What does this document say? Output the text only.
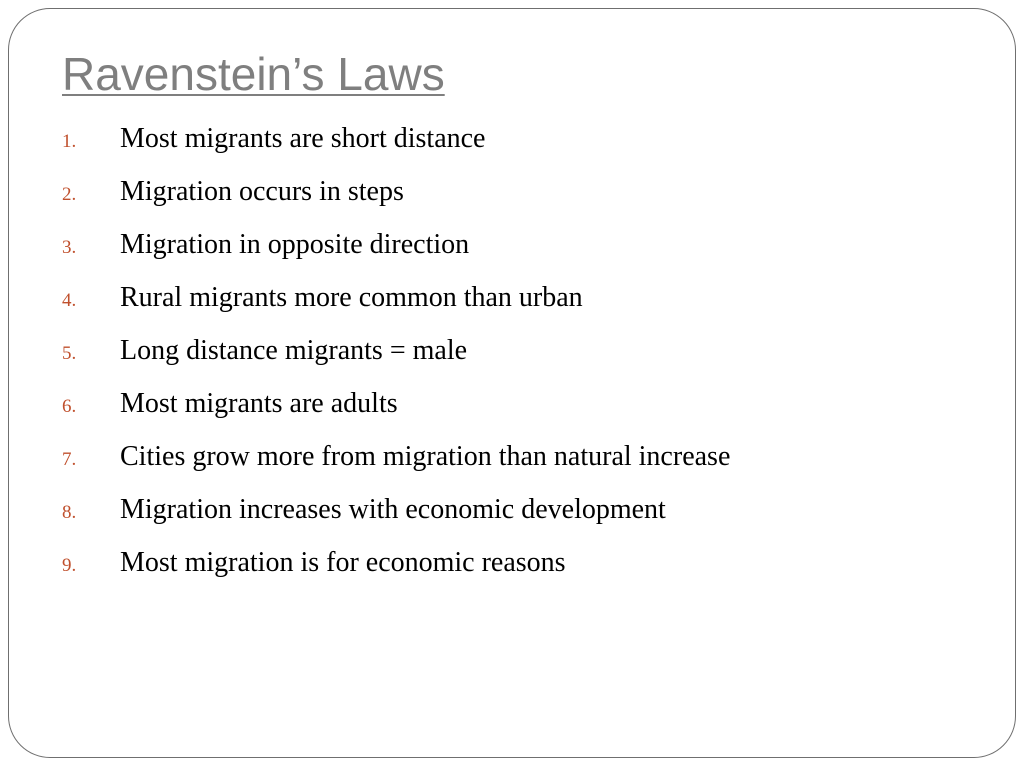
Ravenstein’s Laws
1.	Most migrants are short distance
2.	Migration occurs in steps
3.	Migration in opposite direction
4.	Rural migrants more common than urban
5.	Long distance migrants = male
6.	Most migrants are adults
7.	Cities grow more from migration than natural increase
8.	Migration increases with economic development
9.	Most migration is for economic reasons
